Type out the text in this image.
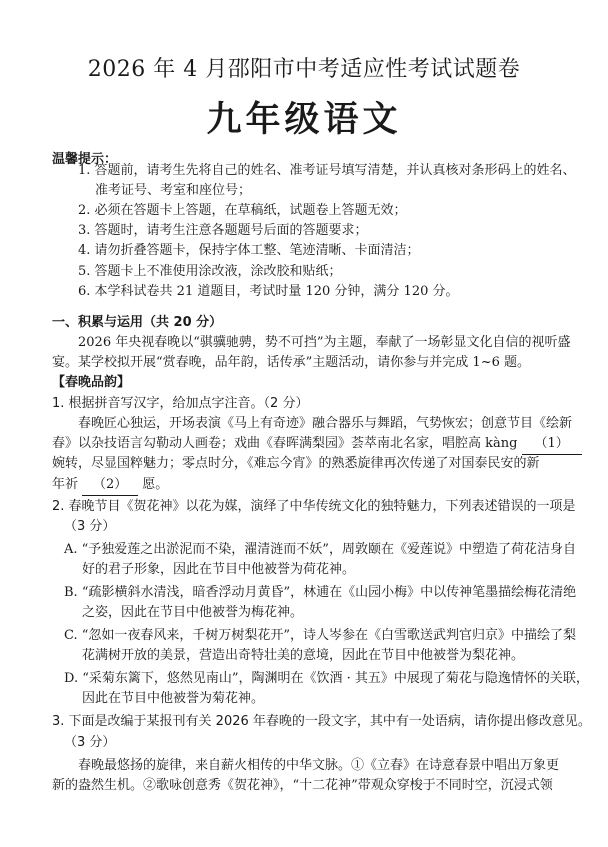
2026 年 4 月邵阳市中考适应性考试试题卷
九年级语文
温馨提示：
1. 答题前，请考生先将自己的姓名、准考证号填写清楚，并认真核对条形码上的姓名、
准考证号、考室和座位号；
2. 必须在答题卡上答题，在草稿纸，试题卷上答题无效；
3. 答题时，请考生注意各题题号后面的答题要求；
4. 请勿折叠答题卡，保持字体工整、笔迹清晰、卡面清洁；
5. 答题卡上不准使用涂改液，涂改胶和贴纸；
6. 本学科试卷共 21 道题目，考试时量 120 分钟，满分 120 分。
一、积累与运用（共 20 分）
2026 年央视春晚以“骐骥驰骋，势不可挡”为主题，奉献了一场彰显文化自信的视听盛
宴。某学校拟开展“赏春晚，品年韵，话传承”主题活动，请你参与并完成 1~6 题。
【春晚品韵】
1. 根据拼音写汉字，给加点字注音。（2 分）
春晚匠心独运，开场表演《马上有奇迹》融合器乐与舞蹈，气势恢宏；创意节目《绘新
春》以杂技语言勾勒动人画卷；戏曲《春晖满梨园》荟萃南北名家，唱腔高 kàng （1）
婉转，尽显国粹魅力；零点时分，《难忘今宵》的熟悉旋律再次传递了对国泰民安的新
年祈 （2） 愿。
2. 春晚节目《贺花神》以花为媒，演绎了中华传统文化的独特魅力，下列表述错误的一项是
（3 分）
A. “予独爱莲之出淤泥而不染，濯清涟而不妖”，周敦颐在《爱莲说》中塑造了荷花洁身自
好的君子形象，因此在节目中他被誉为荷花神。
B. “疏影横斜水清浅，暗香浮动月黄昏”，林逋在《山园小梅》中以传神笔墨描绘梅花清绝
之姿，因此在节目中他被誉为梅花神。
C. “忽如一夜春风来，千树万树梨花开”，诗人岑参在《白雪歌送武判官归京》中描绘了梨
花满树开放的美景，营造出奇特壮美的意境，因此在节目中他被誉为梨花神。
D. “采菊东篱下，悠然见南山”，陶渊明在《饮酒 · 其五》中展现了菊花与隐逸情怀的关联，
因此在节目中他被誉为菊花神。
3. 下面是改编于某报刊有关 2026 年春晚的一段文字，其中有一处语病，请你提出修改意见。
（3 分）
春晚最悠扬的旋律，来自薪火相传的中华文脉。①《立春》在诗意春景中唱出万象更
新的盎然生机。②歌咏创意秀《贺花神》，“十二花神”带观众穿梭于不同时空，沉浸式领
